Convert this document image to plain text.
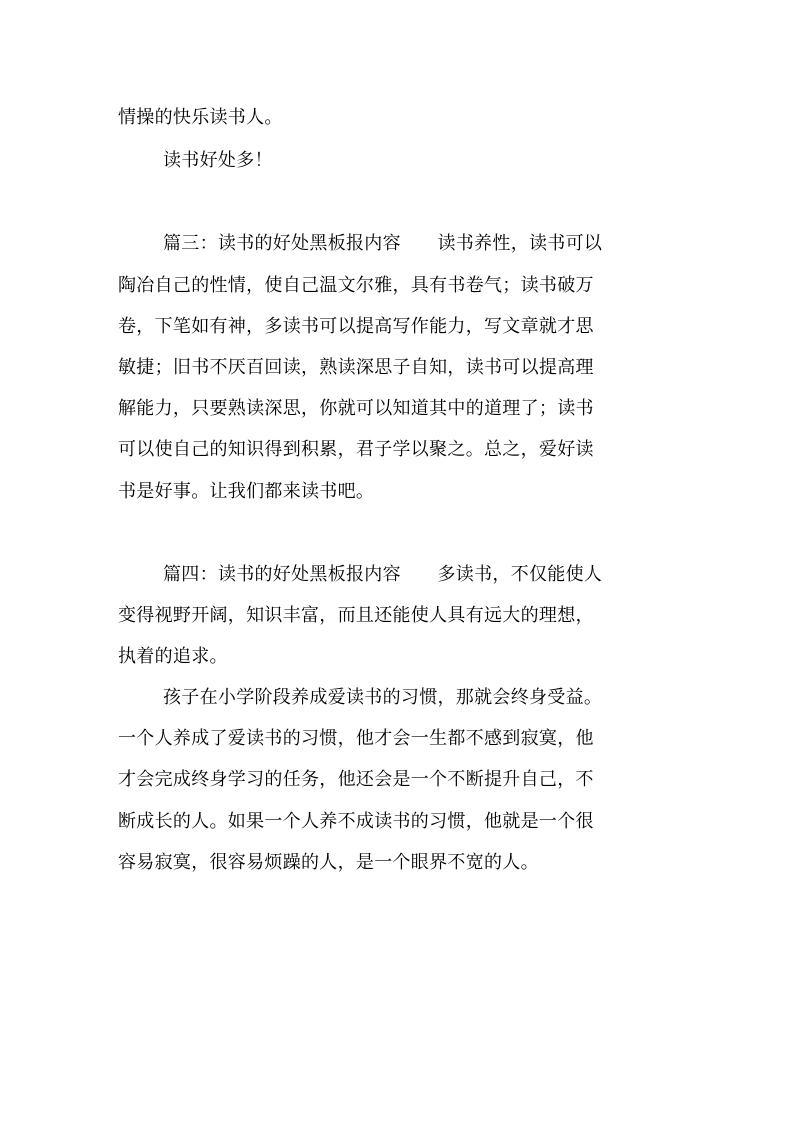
情操的快乐读书人。
读书好处多！
篇三：读书的好处黑板报内容　　读书养性，读书可以
陶冶自己的性情，使自己温文尔雅，具有书卷气；读书破万
卷，下笔如有神，多读书可以提高写作能力，写文章就才思
敏捷；旧书不厌百回读，熟读深思子自知，读书可以提高理
解能力，只要熟读深思，你就可以知道其中的道理了；读书
可以使自己的知识得到积累，君子学以聚之。总之，爱好读
书是好事。让我们都来读书吧。
篇四：读书的好处黑板报内容　　多读书，不仅能使人
变得视野开阔，知识丰富，而且还能使人具有远大的理想，
执着的追求。
孩子在小学阶段养成爱读书的习惯，那就会终身受益。
一个人养成了爱读书的习惯，他才会一生都不感到寂寞，他
才会完成终身学习的任务，他还会是一个不断提升自己，不
断成长的人。如果一个人养不成读书的习惯，他就是一个很
容易寂寞，很容易烦躁的人，是一个眼界不宽的人。
